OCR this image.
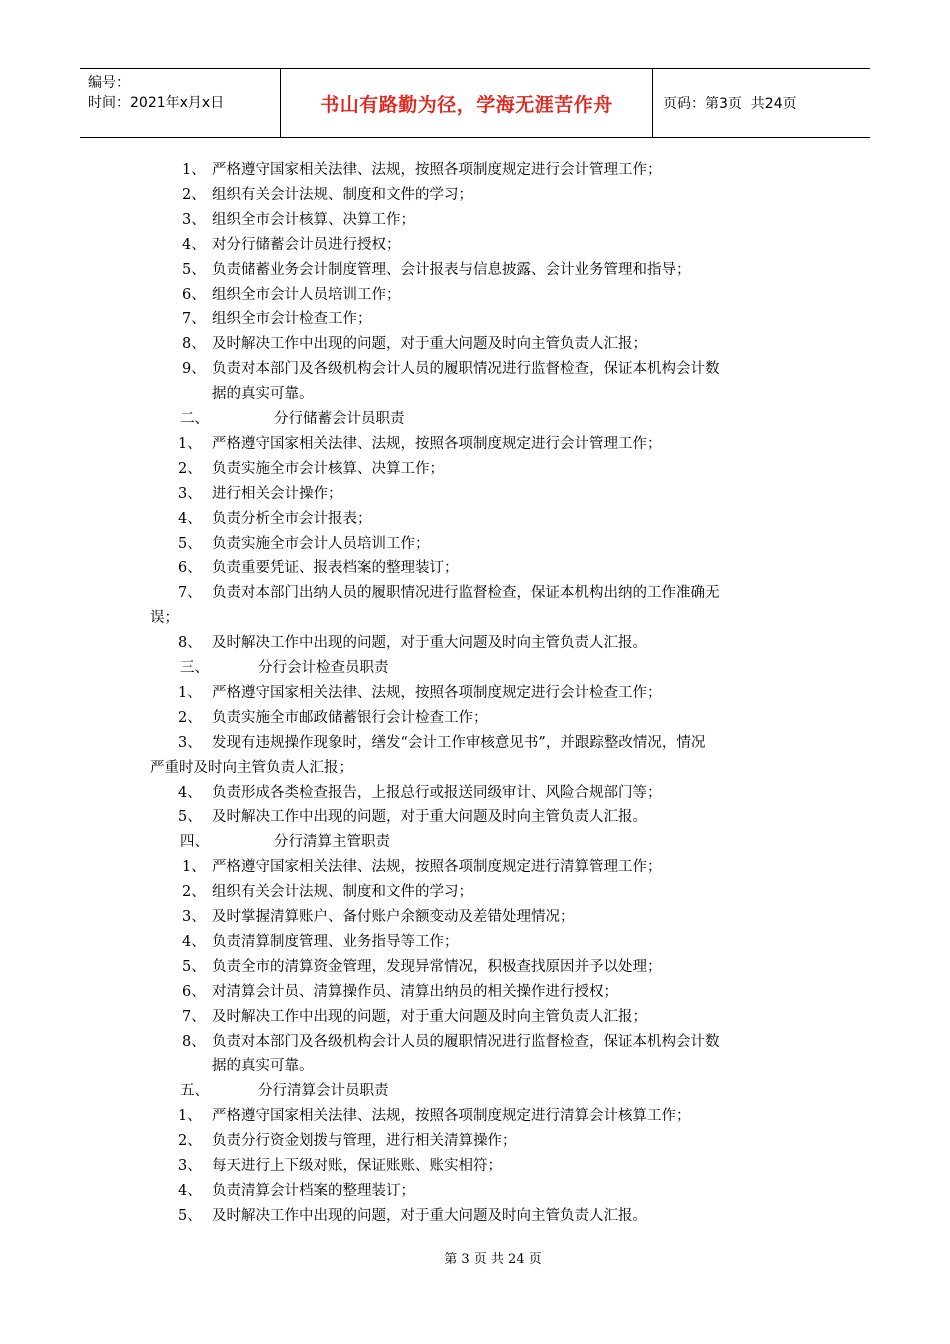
编号：
时间：2021年x月x日	书山有路勤为径，学海无涯苦作舟	页码：第3页  共24页
1、 严格遵守国家相关法律、法规，按照各项制度规定进行会计管理工作；
2、 组织有关会计法规、制度和文件的学习；
3、 组织全市会计核算、决算工作；
4、 对分行储蓄会计员进行授权；
5、 负责储蓄业务会计制度管理、会计报表与信息披露、会计业务管理和指导；
6、 组织全市会计人员培训工作；
7、 组织全市会计检查工作；
8、 及时解决工作中出现的问题，对于重大问题及时向主管负责人汇报；
9、 负责对本部门及各级机构会计人员的履职情况进行监督检查，保证本机构会计数
据的真实可靠。
二、	分行储蓄会计员职责
1、 严格遵守国家相关法律、法规，按照各项制度规定进行会计管理工作；
2、 负责实施全市会计核算、决算工作；
3、 进行相关会计操作；
4、 负责分析全市会计报表；
5、 负责实施全市会计人员培训工作；
6、 负责重要凭证、报表档案的整理装订；
7、 负责对本部门出纳人员的履职情况进行监督检查，保证本机构出纳的工作准确无
误；
8、 及时解决工作中出现的问题，对于重大问题及时向主管负责人汇报。
三、	分行会计检查员职责
1、 严格遵守国家相关法律、法规，按照各项制度规定进行会计检查工作；
2、 负责实施全市邮政储蓄银行会计检查工作；
3、 发现有违规操作现象时，缮发“会计工作审核意见书”，并跟踪整改情况，情况
严重时及时向主管负责人汇报；
4、 负责形成各类检查报告，上报总行或报送同级审计、风险合规部门等；
5、 及时解决工作中出现的问题，对于重大问题及时向主管负责人汇报。
四、	分行清算主管职责
1、 严格遵守国家相关法律、法规，按照各项制度规定进行清算管理工作；
2、 组织有关会计法规、制度和文件的学习；
3、 及时掌握清算账户、备付账户余额变动及差错处理情况；
4、 负责清算制度管理、业务指导等工作；
5、 负责全市的清算资金管理，发现异常情况，积极查找原因并予以处理；
6、 对清算会计员、清算操作员、清算出纳员的相关操作进行授权；
7、 及时解决工作中出现的问题，对于重大问题及时向主管负责人汇报；
8、 负责对本部门及各级机构会计人员的履职情况进行监督检查，保证本机构会计数
据的真实可靠。
五、	分行清算会计员职责
1、 严格遵守国家相关法律、法规，按照各项制度规定进行清算会计核算工作；
2、 负责分行资金划拨与管理，进行相关清算操作；
3、 每天进行上下级对账，保证账账、账实相符；
4、 负责清算会计档案的整理装订；
5、 及时解决工作中出现的问题，对于重大问题及时向主管负责人汇报。
第 3 页 共 24 页
